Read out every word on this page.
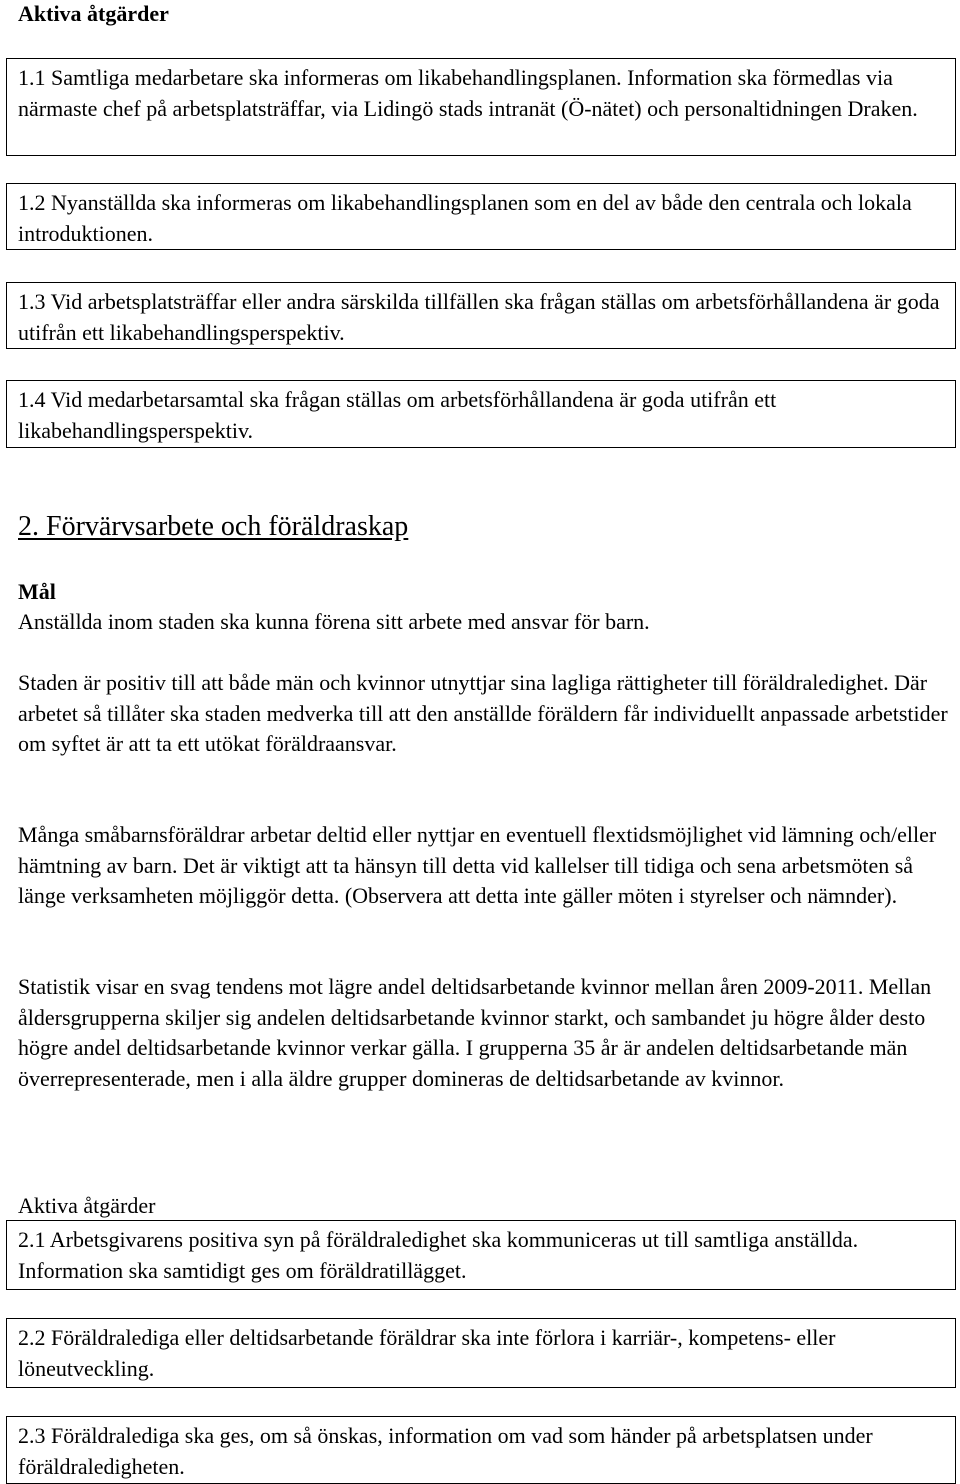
Aktiva åtgärder

1.1 Samtliga medarbetare ska informeras om likabehandlingsplanen. Information ska förmedlas via närmaste chef på arbetsplatsträffar, via Lidingö stads intranät (Ö-nätet) och personaltidningen Draken.

1.2 Nyanställda ska informeras om likabehandlingsplanen som en del av både den centrala och lokala introduktionen.

1.3 Vid arbetsplatsträffar eller andra särskilda tillfällen ska frågan ställas om arbetsförhållandena är goda utifrån ett likabehandlingsperspektiv.

1.4 Vid medarbetarsamtal ska frågan ställas om arbetsförhållandena är goda utifrån ett likabehandlingsperspektiv.

2. Förvärvsarbete och föräldraskap
Mål

Anställda inom staden ska kunna förena sitt arbete med ansvar för barn.

Staden är positiv till att både män och kvinnor utnyttjar sina lagliga rättigheter till föräldraledighet. Där arbetet så tillåter ska staden medverka till att den anställde föräldern får individuellt anpassade arbetstider om syftet är att ta ett utökat föräldraansvar.

Många småbarnsföräldrar arbetar deltid eller nyttjar en eventuell flextidsmöjlighet vid lämning och/eller hämtning av barn. Det är viktigt att ta hänsyn till detta vid kallelser till tidiga och sena arbetsmöten så länge verksamheten möjliggör detta. (Observera att detta inte gäller möten i styrelser och nämnder).

Statistik visar en svag tendens mot lägre andel deltidsarbetande kvinnor mellan åren 2009-2011. Mellan åldersgrupperna skiljer sig andelen deltidsarbetande kvinnor starkt, och sambandet ju högre ålder desto högre andel deltidsarbetande kvinnor verkar gälla. I grupperna 35 år är andelen deltidsarbetande män överrepresenterade, men i alla äldre grupper domineras de deltidsarbetande av kvinnor.

Aktiva åtgärder

2.1 Arbetsgivarens positiva syn på föräldraledighet ska kommuniceras ut till samtliga anställda. Information ska samtidigt ges om föräldratillägget.

2.2 Föräldralediga eller deltidsarbetande föräldrar ska inte förlora i karriär-, kompetens- eller löneutveckling.

2.3 Föräldralediga ska ges, om så önskas, information om vad som händer på arbetsplatsen under föräldraledigheten.
